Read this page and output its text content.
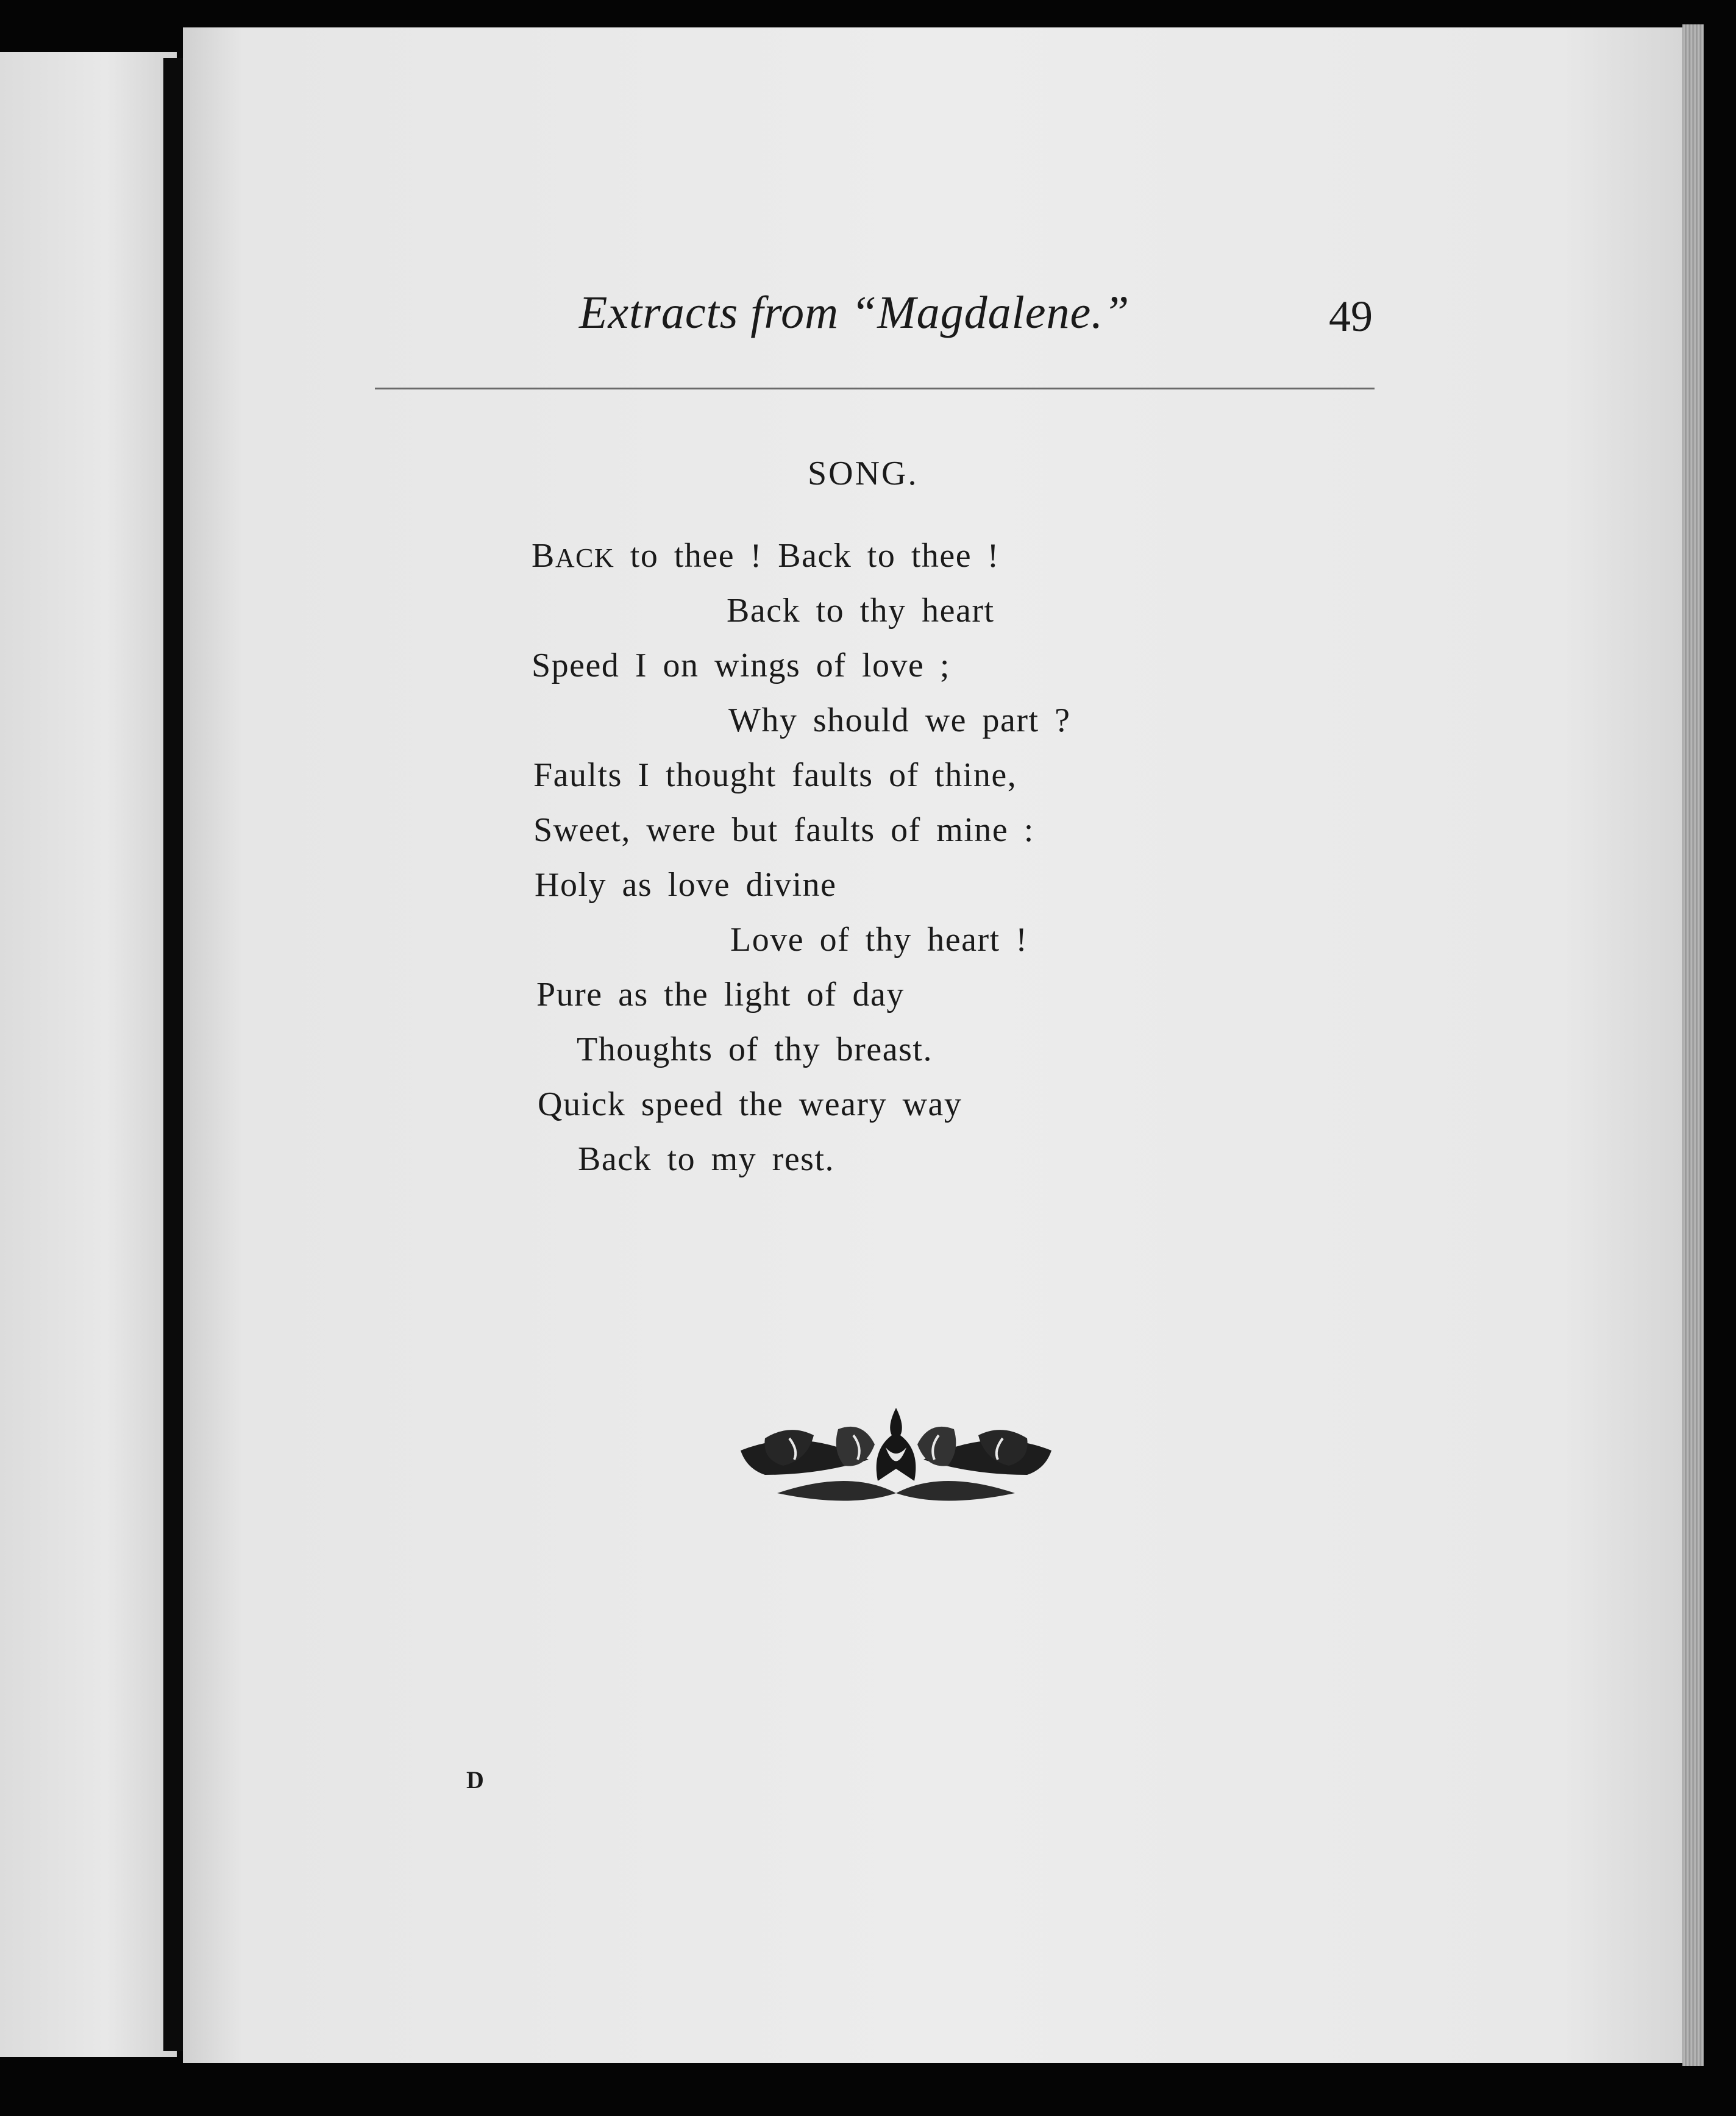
Extracts from “Magdalene.”	49
SONG.
BACK to thee ! Back to thee !
Back to thy heart
Speed I on wings of love ;
Why should we part ?
Faults I thought faults of thine,
Sweet, were but faults of mine :
Holy as love divine
Love of thy heart !
Pure as the light of day
Thoughts of thy breast.
Quick speed the weary way
Back to my rest.
D
